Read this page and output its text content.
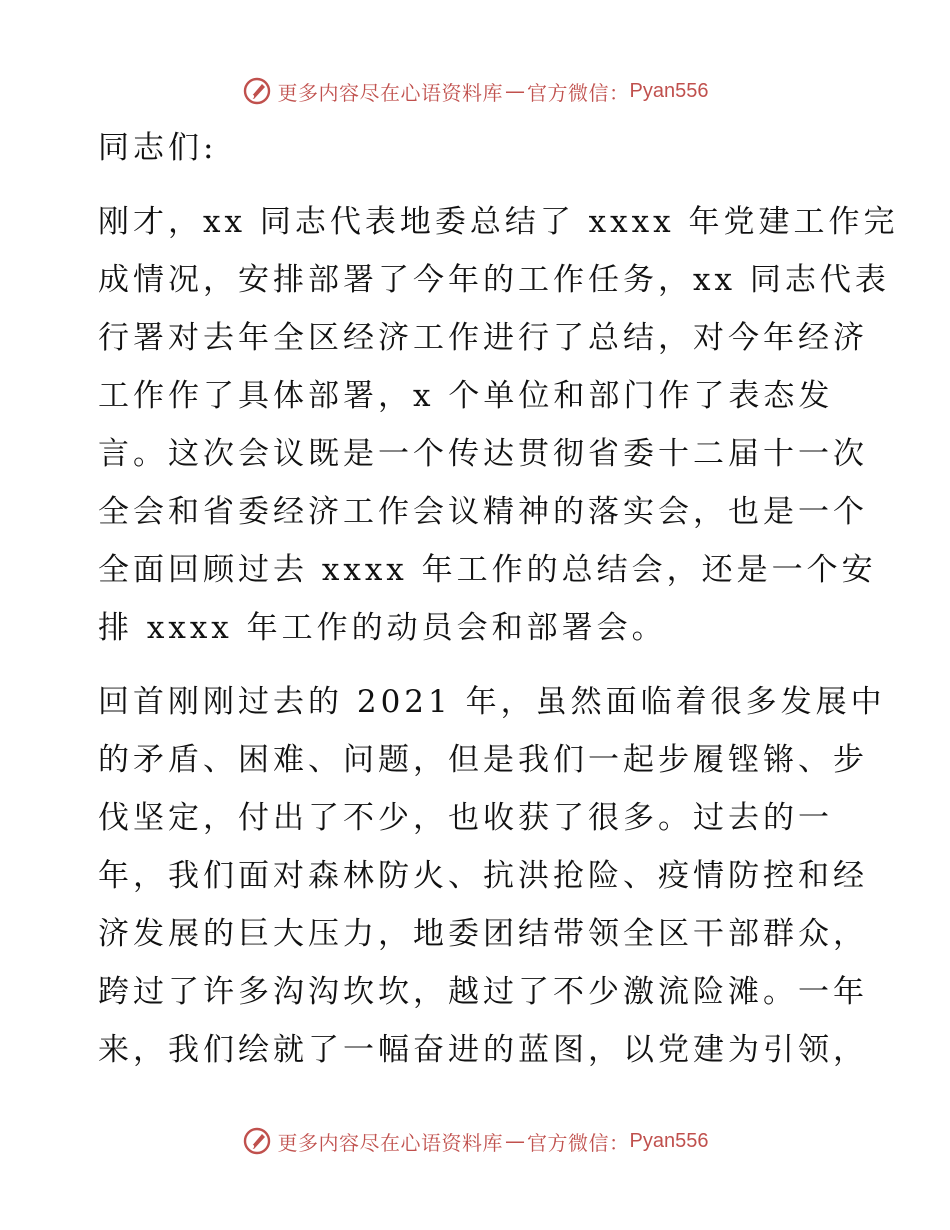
更多内容尽在心语资料库 — 官方微信： Pyan556
同志们:
刚才，xx 同志代表地委总结了 xxxx 年党建工作完
成情况，安排部署了今年的工作任务，xx 同志代表
行署对去年全区经济工作进行了总结，对今年经济
工作作了具体部署，x 个单位和部门作了表态发
言。这次会议既是一个传达贯彻省委十二届十一次
全会和省委经济工作会议精神的落实会，也是一个
全面回顾过去 xxxx 年工作的总结会，还是一个安
排 xxxx 年工作的动员会和部署会。
回首刚刚过去的 2021 年，虽然面临着很多发展中
的矛盾、困难、问题，但是我们一起步履铿锵、步
伐坚定，付出了不少，也收获了很多。过去的一
年，我们面对森林防火、抗洪抢险、疫情防控和经
济发展的巨大压力，地委团结带领全区干部群众，
跨过了许多沟沟坎坎，越过了不少激流险滩。一年
来，我们绘就了一幅奋进的蓝图，以党建为引领，
更多内容尽在心语资料库 — 官方微信： Pyan556
